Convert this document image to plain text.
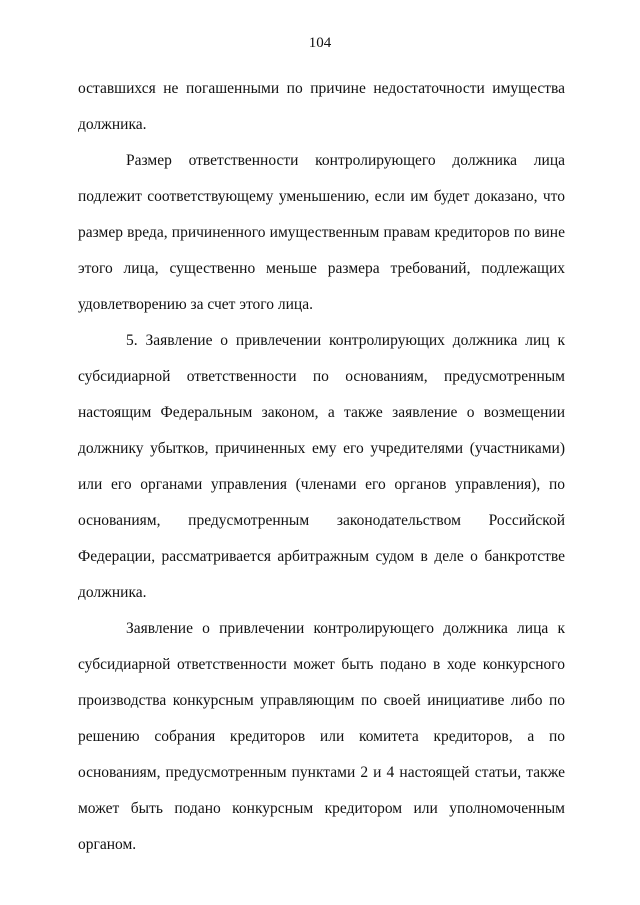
104

оставшихся не погашенными по причине недостаточности имущества должника.

Размер ответственности контролирующего должника лица подлежит соответствующему уменьшению, если им будет доказано, что размер вреда, причиненного имущественным правам кредиторов по вине этого лица, существенно меньше размера требований, подлежащих удовлетворению за счет этого лица.

5. Заявление о привлечении контролирующих должника лиц к субсидиарной ответственности по основаниям, предусмотренным настоящим Федеральным законом, а также заявление о возмещении должнику убытков, причиненных ему его учредителями (участниками) или его органами управления (членами его органов управления), по основаниям, предусмотренным законодательством Российской Федерации, рассматривается арбитражным судом в деле о банкротстве должника.

Заявление о привлечении контролирующего должника лица к субсидиарной ответственности может быть подано в ходе конкурсного производства конкурсным управляющим по своей инициативе либо по решению собрания кредиторов или комитета кредиторов, а по основаниям, предусмотренным пунктами 2 и 4 настоящей статьи, также может быть подано конкурсным кредитором или уполномоченным органом.
